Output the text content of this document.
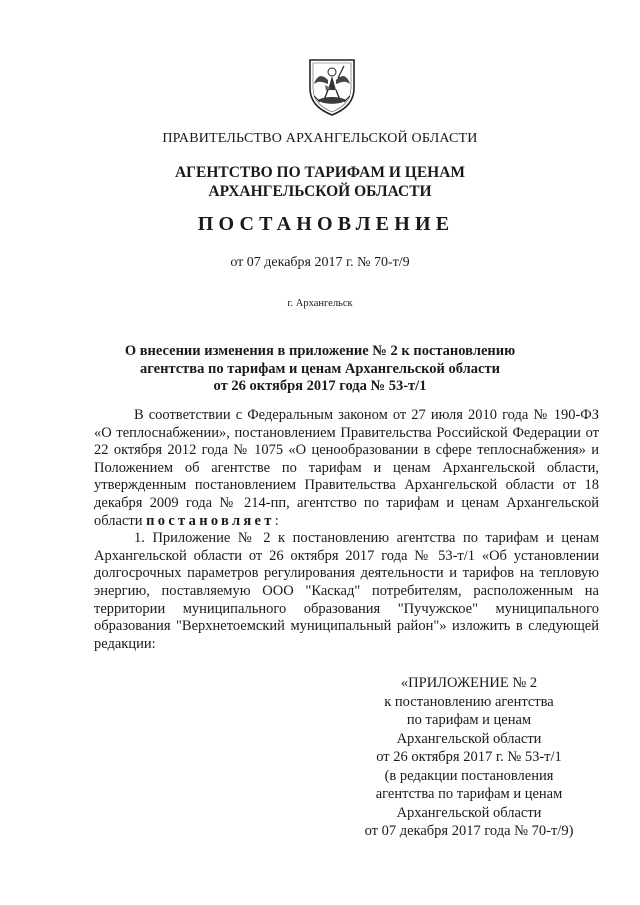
ПРАВИТЕЛЬСТВО АРХАНГЕЛЬСКОЙ ОБЛАСТИ
АГЕНТСТВО ПО ТАРИФАМ И ЦЕНАМ
АРХАНГЕЛЬСКОЙ ОБЛАСТИ
ПОСТАНОВЛЕНИЕ
от 07 декабря 2017 г. № 70-т/9
г. Архангельск
О внесении изменения в приложение № 2 к постановлению
агентства по тарифам и ценам Архангельской области
от 26 октября 2017 года № 53-т/1

В соответствии с Федеральным законом от 27 июля 2010 года № 190-ФЗ «О теплоснабжении», постановлением Правительства Российской Федерации от 22 октября 2012 года № 1075 «О ценообразовании в сфере теплоснабжения» и Положением об агентстве по тарифам и ценам Архангельской области, утвержденным постановлением Правительства Архангельской области от 18 декабря 2009 года № 214-пп, агентство по тарифам и ценам Архангельской области постановляет:

1. Приложение № 2 к постановлению агентства по тарифам и ценам Архангельской области от 26 октября 2017 года № 53-т/1 «Об установлении долгосрочных параметров регулирования деятельности и тарифов на тепловую энергию, поставляемую ООО "Каскад" потребителям, расположенным на территории муниципального образования "Пучужское" муниципального образования "Верхнетоемский муниципальный район"» изложить в следующей редакции:

«ПРИЛОЖЕНИЕ № 2
к постановлению агентства
по тарифам и ценам
Архангельской области
от 26 октября 2017 г. № 53-т/1
(в редакции постановления
агентства по тарифам и ценам
Архангельской области
от 07 декабря 2017 года № 70-т/9)
